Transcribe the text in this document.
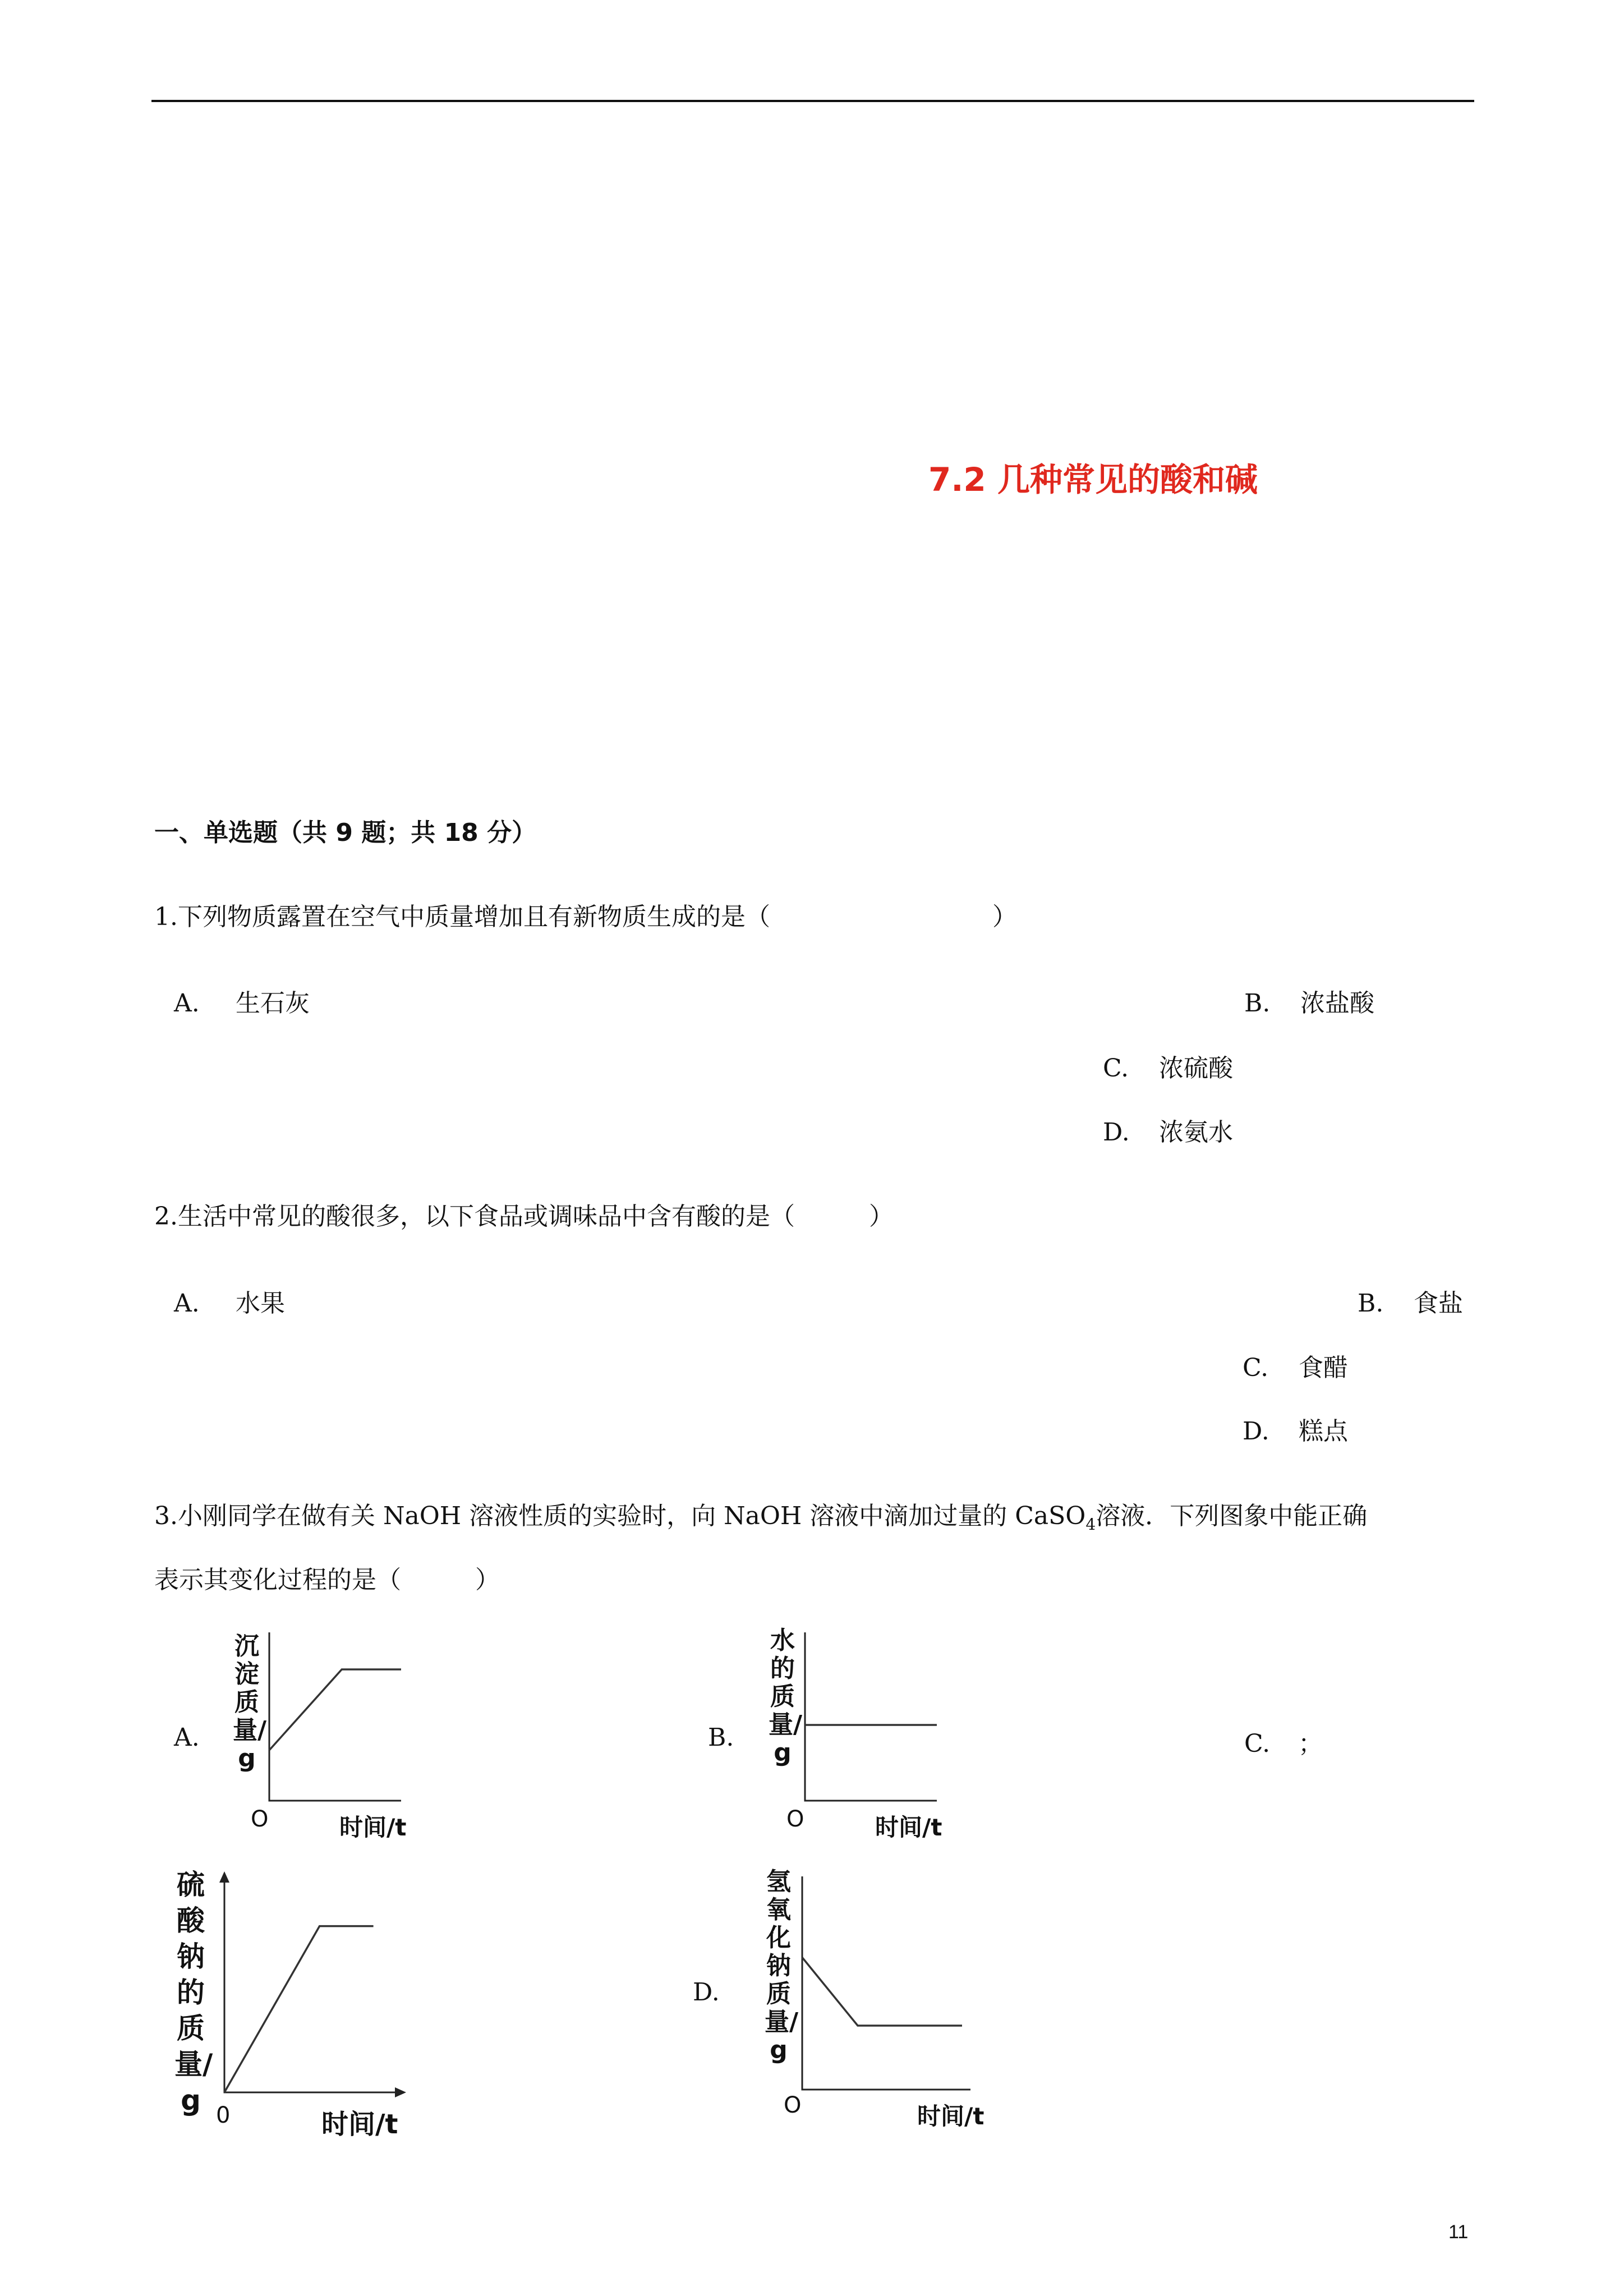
7.2 几种常见的酸和碱
一、单选题（共 9 题；共 18 分）
1.下列物质露置在空气中质量增加且有新物质生成的是（　　　　　　　　　）
A. 生石灰	B. 浓盐酸
C. 浓硫酸
D. 浓氨水
2.生活中常见的酸很多，以下食品或调味品中含有酸的是（　　　）
A. 水果	B. 食盐
C. 食醋
D. 糕点
3.小刚同学在做有关 NaOH 溶液性质的实验时，向 NaOH 溶液中滴加过量的 CaSO$_4$溶液．下列图象中能正确
表示其变化过程的是（　　　）
A.	B.	C. ；
D.
沉淀质量/g
O	时间/t
水的质量/g
O	时间/t
硫酸钠的质量/g 0	时间/t
氢氧化钠质量/g
O	时间/t
11
